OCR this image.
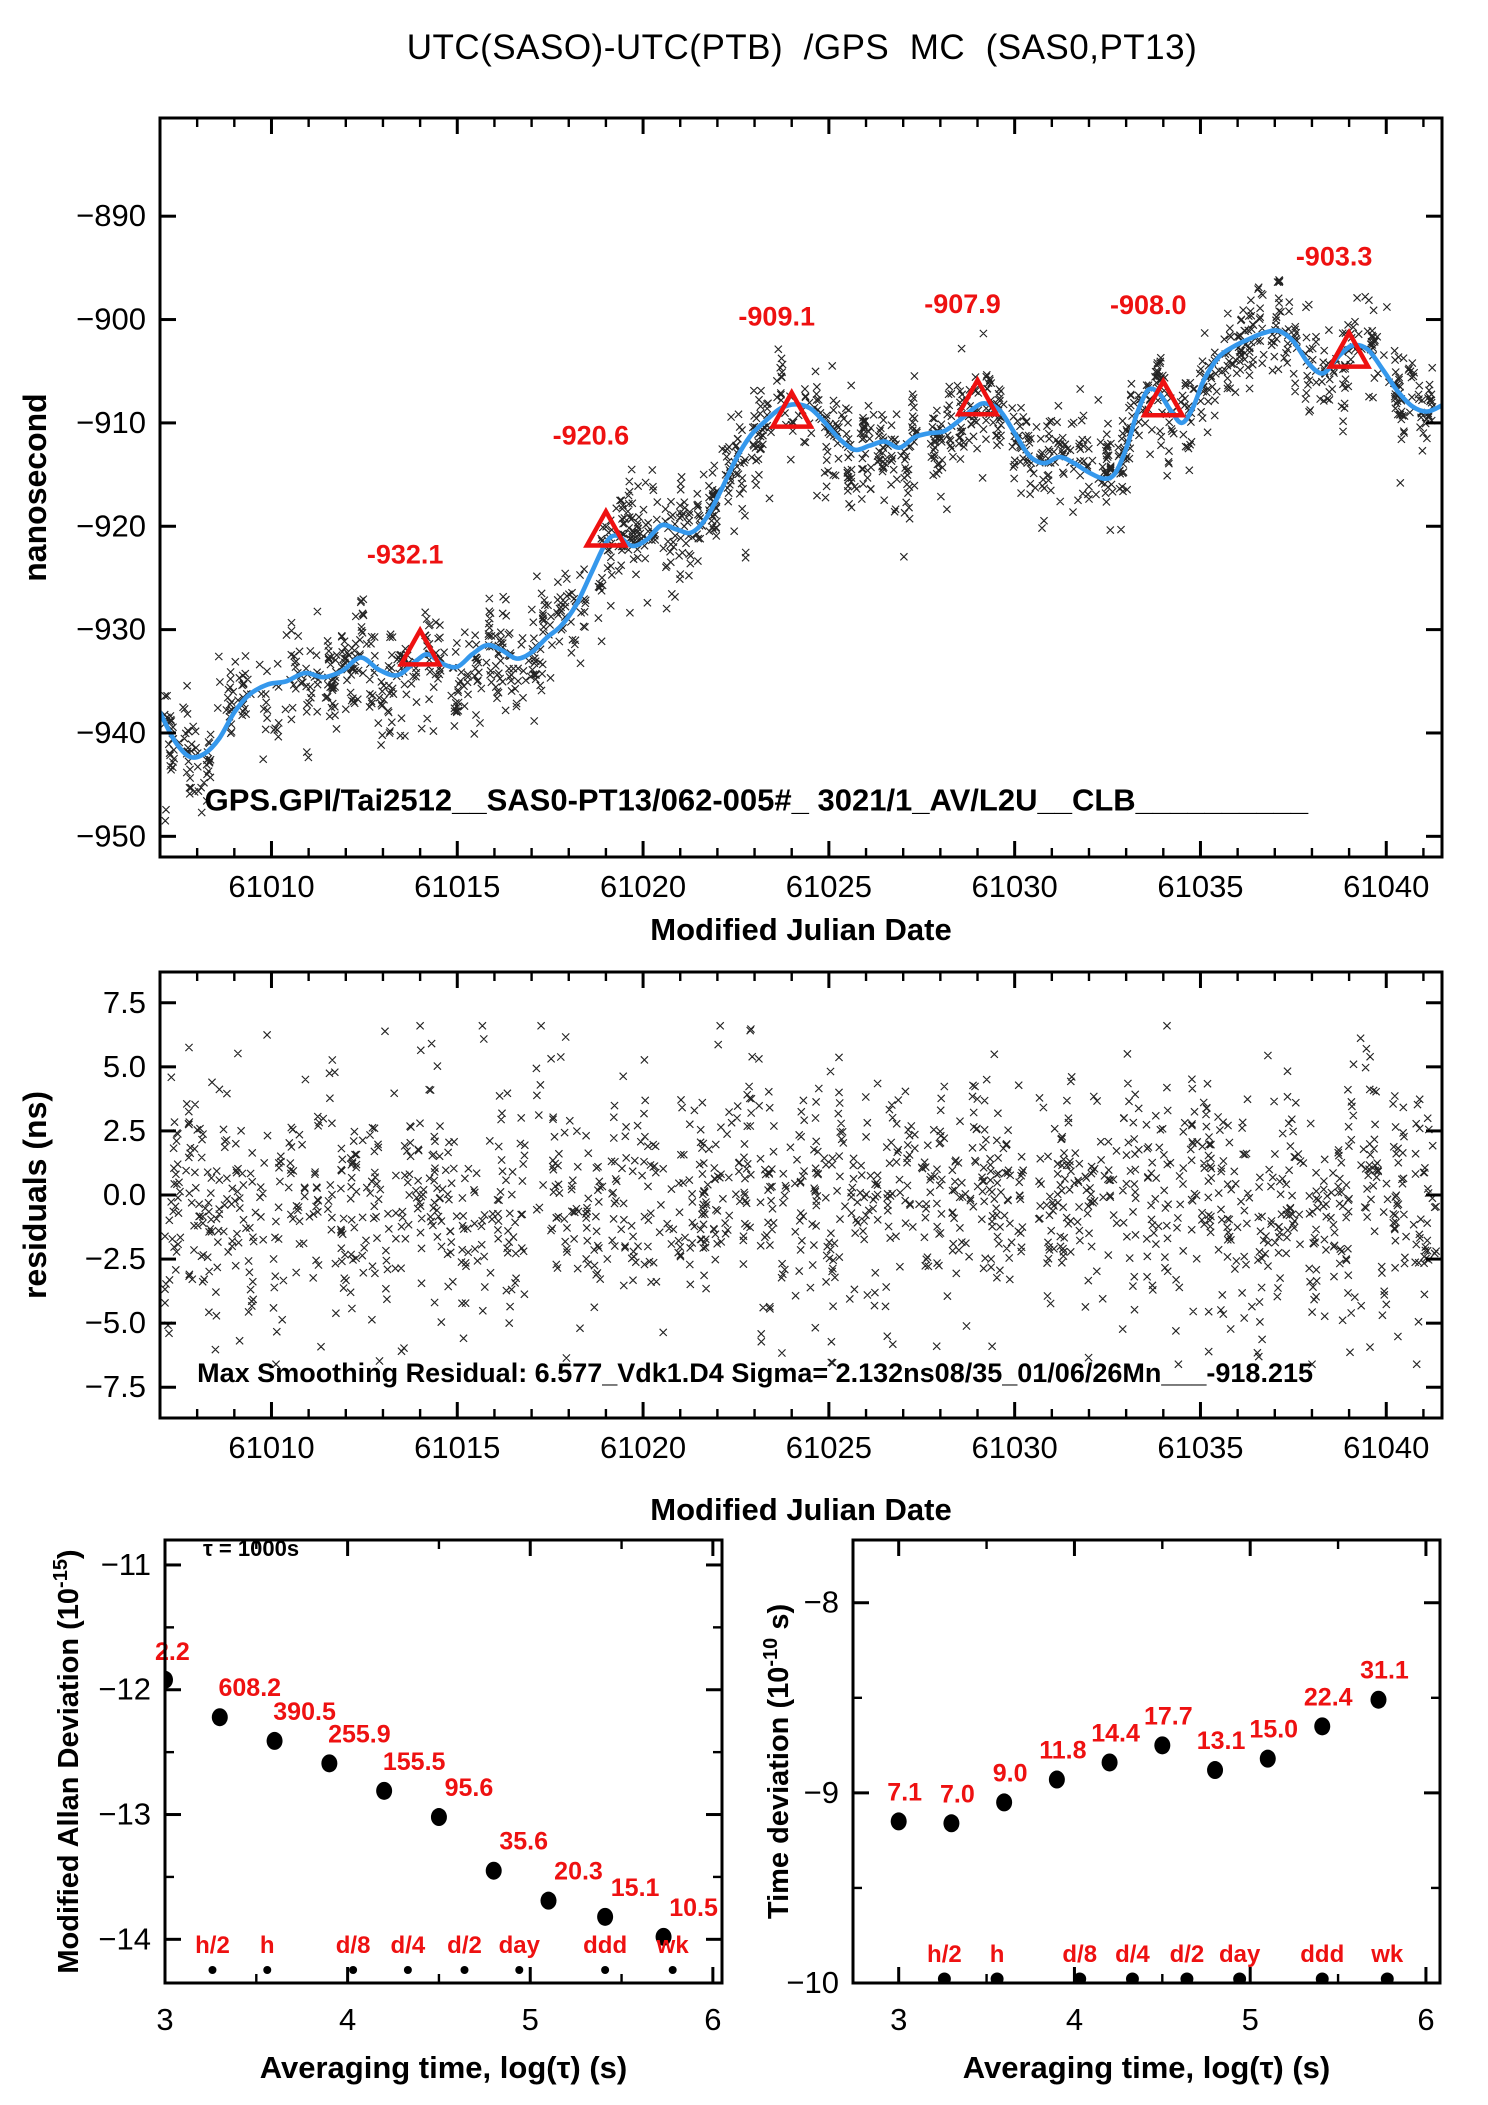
UTC(SASO)-UTC(PTB)  /GPS  MC  (SAS0,PT13)
-932.1
-920.6
-909.1	-907.9	-908.0
-903.3
GPS.GPI/Tai2512__SAS0-PT13/062-005#_ 3021/1_AV/L2U__CLB__________
61010	61015	61020	61025	61030	61035	61040
−890
−900
−910
−920
−930
−940
−950
Modified Julian Date
nanosecond
Max Smoothing Residual: 6.577_Vdk1.D4 Sigma= 2.132ns08/35_01/06/26Mn___-918.215
61010	61015	61020	61025	61030	61035	61040
7.5
5.0
2.5
0.0
−2.5
−5.0
−7.5
Modified Julian Date
residuals (ns)
2.2
608.2
390.5
255.9
155.5
95.6
35.6
20.3
15.1
10.5
h/2 h	d/8 d/4 d/2 day ddd wk
τ = 1000s
3	4	5	6
−11
−12
−13
−14
Averaging time, log(τ) (s)
Modified Allan Deviation $(10^{-15})$
7.1 7.0
9.0
11.8
14.4
17.7
13.1 15.0
22.4
31.1
h/2 h d/8 d/4 d/2 day ddd wk
3	4	5	6
−8
−9
−10
Averaging time, log(τ) (s)
Time deviation ($10^{-10}$ s)
